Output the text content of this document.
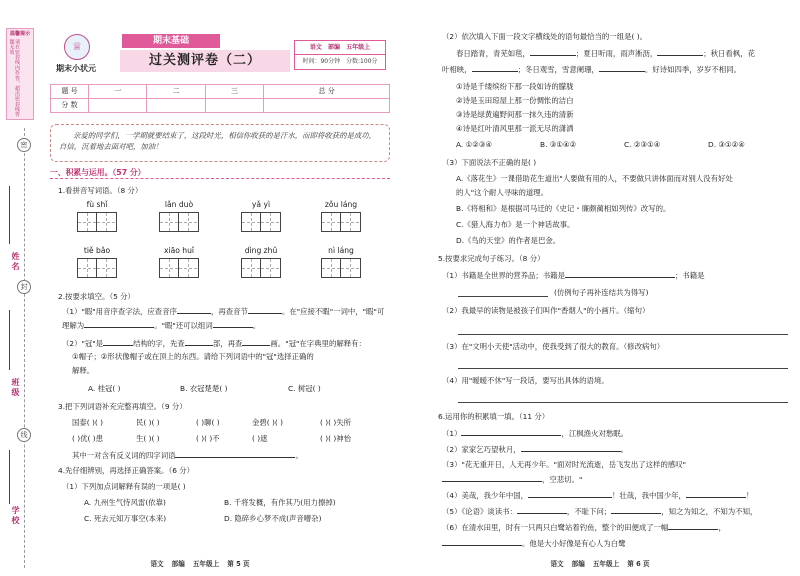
温馨提示
请在密封线内作答，超出密封线答题无效
密
封
线
姓名
班级
学校
♕
期末小状元
期末基础
过关测评卷（二）
语文 部编 五年级上
时间：90分钟 分数:100分
题 号	一	二	三	总 分
分 数				
亲爱的同学们，一学期就要结束了，这段时光，相信你收获的是汗水，而即将收获的是成功，自信，沉着地去面对吧，加油！
一、积累与运用。（57 分）
1.看拼音写词语。（8 分）
fù shǐ	lǎn duò	yǎ yì	zǒu láng
tiě bǎo	xiāo huǐ	dìng zhǔ	nì láng
2.按要求填空。（5 分）
（1）"暇"用音序查字法，应查音序	，再查音节	。在"应接不暇"一词中，"暇"可
理解为	。"暇"还可以组词	。
（2）"冠"是	结构的字，先查	部，再查	画。"冠"在字典里的解释有：
①帽子；②形状像帽子或在顶上的东西。请给下列词语中的"冠"选择正确的
解释。
A. 桂冠( )	B. 衣冠楚楚( )	C. 树冠( )
3.把下列词语补充完整再填空。（9 分）
国泰( )( )	民( )( )	( )聊( )	金碧( )( )	( )( )失所
( )优( )患	生( )( )	( )( )不	( )遮	( )( )神怡
其中一对含有反义词的四字词语	。
4.先仔细辨别，再选择正确答案。（6 分）
（1）下列加点词解释有误的一项是( )
A. 九州生气恃风雷(依靠)	B. 千将发概，有作其乃(用力擦掉)
C. 死去元知万事空(本来)	D. 隐碎乡心梦不成(声音嘈杂)
语文 部编 五年级上 第 5 页
（2）依次填入下面一段文字横线处的语句最恰当的一组是( )。
春日踏青，青芜如毯，	；夏日听雨，雨声淅沥，	；秋日看枫，花
叶相映，	；冬日观雪，雪意阑珊，	。好诗如四季，岁岁不相同。
①诗是千缕缤纷下那一段如诗的朦胧
②诗是玉田琼屋上那一份惆怅的洁白
③诗是绿黄遍野间那一抹久违的清新
④诗是红叶清风里那一派无尽的潇洒
A. ①②③④	B. ③①④②	C. ②③①④	D. ③①②④
（3）下面说法不正确的是( )
A.《落花生》一课借助花生道出"人要做有用的人，不要做只讲体面而对别人没有好处
的人"这个耐人寻味的道理。
B.《将相和》是根据司马迁的《史记・廉颇蔺相如列传》改写的。
C.《猎人海力布》是一个神话故事。
D.《鸟的天堂》的作者是巴金。
5.按要求完成句子练习。（8 分）
（1）书籍是全世界的营养品；书籍是	；书籍是
(仿例句子再补连结共为得写)
（2）我最早的读物是被孩子们叫作"香烟人"的小画片。（缩句）
（3）在"文明小天使"活动中，使我受到了很大的教育。（修改病句）
（4）用"暧暧不休"写一段话，要写出具体的语境。
6.运用你的积累填一填。（11 分）
（1）	，江枫渔火对愁眠。
（2）家家乞巧望秋月，	。
（3）"花无重开日，人无再少年。"面对时光流逝，岳飞发出了这样的感叹"
，空悲切。"
（4）美哉，我少年中国，	！壮哉，我中国少年，	！
（5）《论语》谈读书：	，不耻下问；	，知之为知之，不知为不知，
（6）在清水田里，时有一只两只白鹭站着钓鱼，整个的田便成了一幅	，
。他是大小好像是有心人为白鹭
语文 部编 五年级上 第 6 页
